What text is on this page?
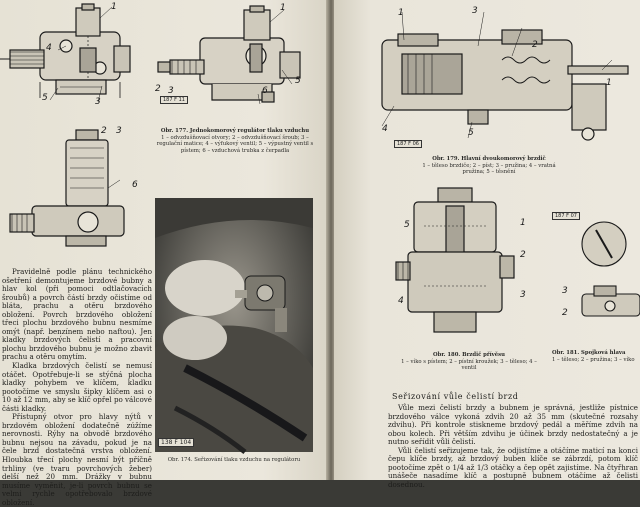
1
4
5	3
1
5
2 3	6
187 F 11
Obr. 177. Jednokomorový regulátor tlaku vzduchu
1 – odvzdušňovací otvory; 2 – odvzdušňovací šroub; 3 – regulační matice; 4 – výfukový ventil; 5 – výpustný ventil s pístem; 6 – vzduchová trubka z čerpadla
2 3
6

Pravidelně podle plánu technického ošetření demontujeme brzdové bubny a hlav kol (při pomoci odtlačovacích šroubů) a povrch částí brzdy očistíme od bláta, prachu a otěru brzdového obložení. Povrch brzdového obložení třeci plochu brzdového bubnu nesmíme omýt (např. benzínem nebo naftou). Jen kladky brzdových čelistí a pracovní plochu brzdového bubnu je možno zbavit prachu a otěru omytím.

Kladka brzdových čelistí se nemusí otáčet. Opotřebuje-li se stýčná plocha kladky pohybem ve klíčem, kladku pootočíme ve smyslu šipky klíčem asi o 10 až 12 mm, aby se klíč opřel po válcové části kladky.

Přístupný otvor pro hlavy nýtů v brzdovém obložení dodatečně zúžíme nerovnosti. Rýhy na obvodě brzdového bubnu nejsou na závadu, pokud je na čele brzd dostatečná vrstva obložení. Hloubka třecí plochy nesmí být příčně trhliny (ve tvaru povrchových žeber) delší než 20 mm. Drážky v bubnu musíme vyměnit, je-li povrch bubnu se velmi rychle opotřebovalo brzdové obložení.

138 F 104
Obr. 174. Seřizování tlaku vzduchu na regulátoru
1	3
2
1
4	5
187 F 06
Obr. 179. Hlavní dvoukomorový brzdič
1 – těleso brzdiče; 2 – píst; 3 – pružina; 4 – vratná pružina; 5 – těsnění
5	1
2
3
4
Obr. 180. Brzdič přívěsu
1 – víko s pístem; 2 – pístní kroužek; 3 – těleso; 4 – ventil
187 F 07
3
2
Obr. 181. Spojková hlava
1 – těleso; 2 – pružina; 3 – víko
Seřizování vůle čelistí brzd

Vůle mezi čelistí brzdy a bubnem je správná, jestliže pístnice brzdového válce vykoná zdvih 20 až 35 mm (skutečné rozsahy zdvihu). Při kontrole stiskneme brzdový pedál a měříme zdvih na obou kolech. Při větším zdvihu je účinek brzdy nedostatečný a je nutno seřídit vůli čelistí.

Vůli čelistí seřizujeme tak, že odjistíme a otáčíme maticí na konci čepu klíče brzdy, až brzdový buben klíče se zábrzdí, potom klíč pootočíme zpět o 1/4 až 1/3 otáčky a čep opět zajistíme. Na čtyřhran unášeče nasadíme klíč a postupně bubnem otáčíme až čelisti dosednou.
